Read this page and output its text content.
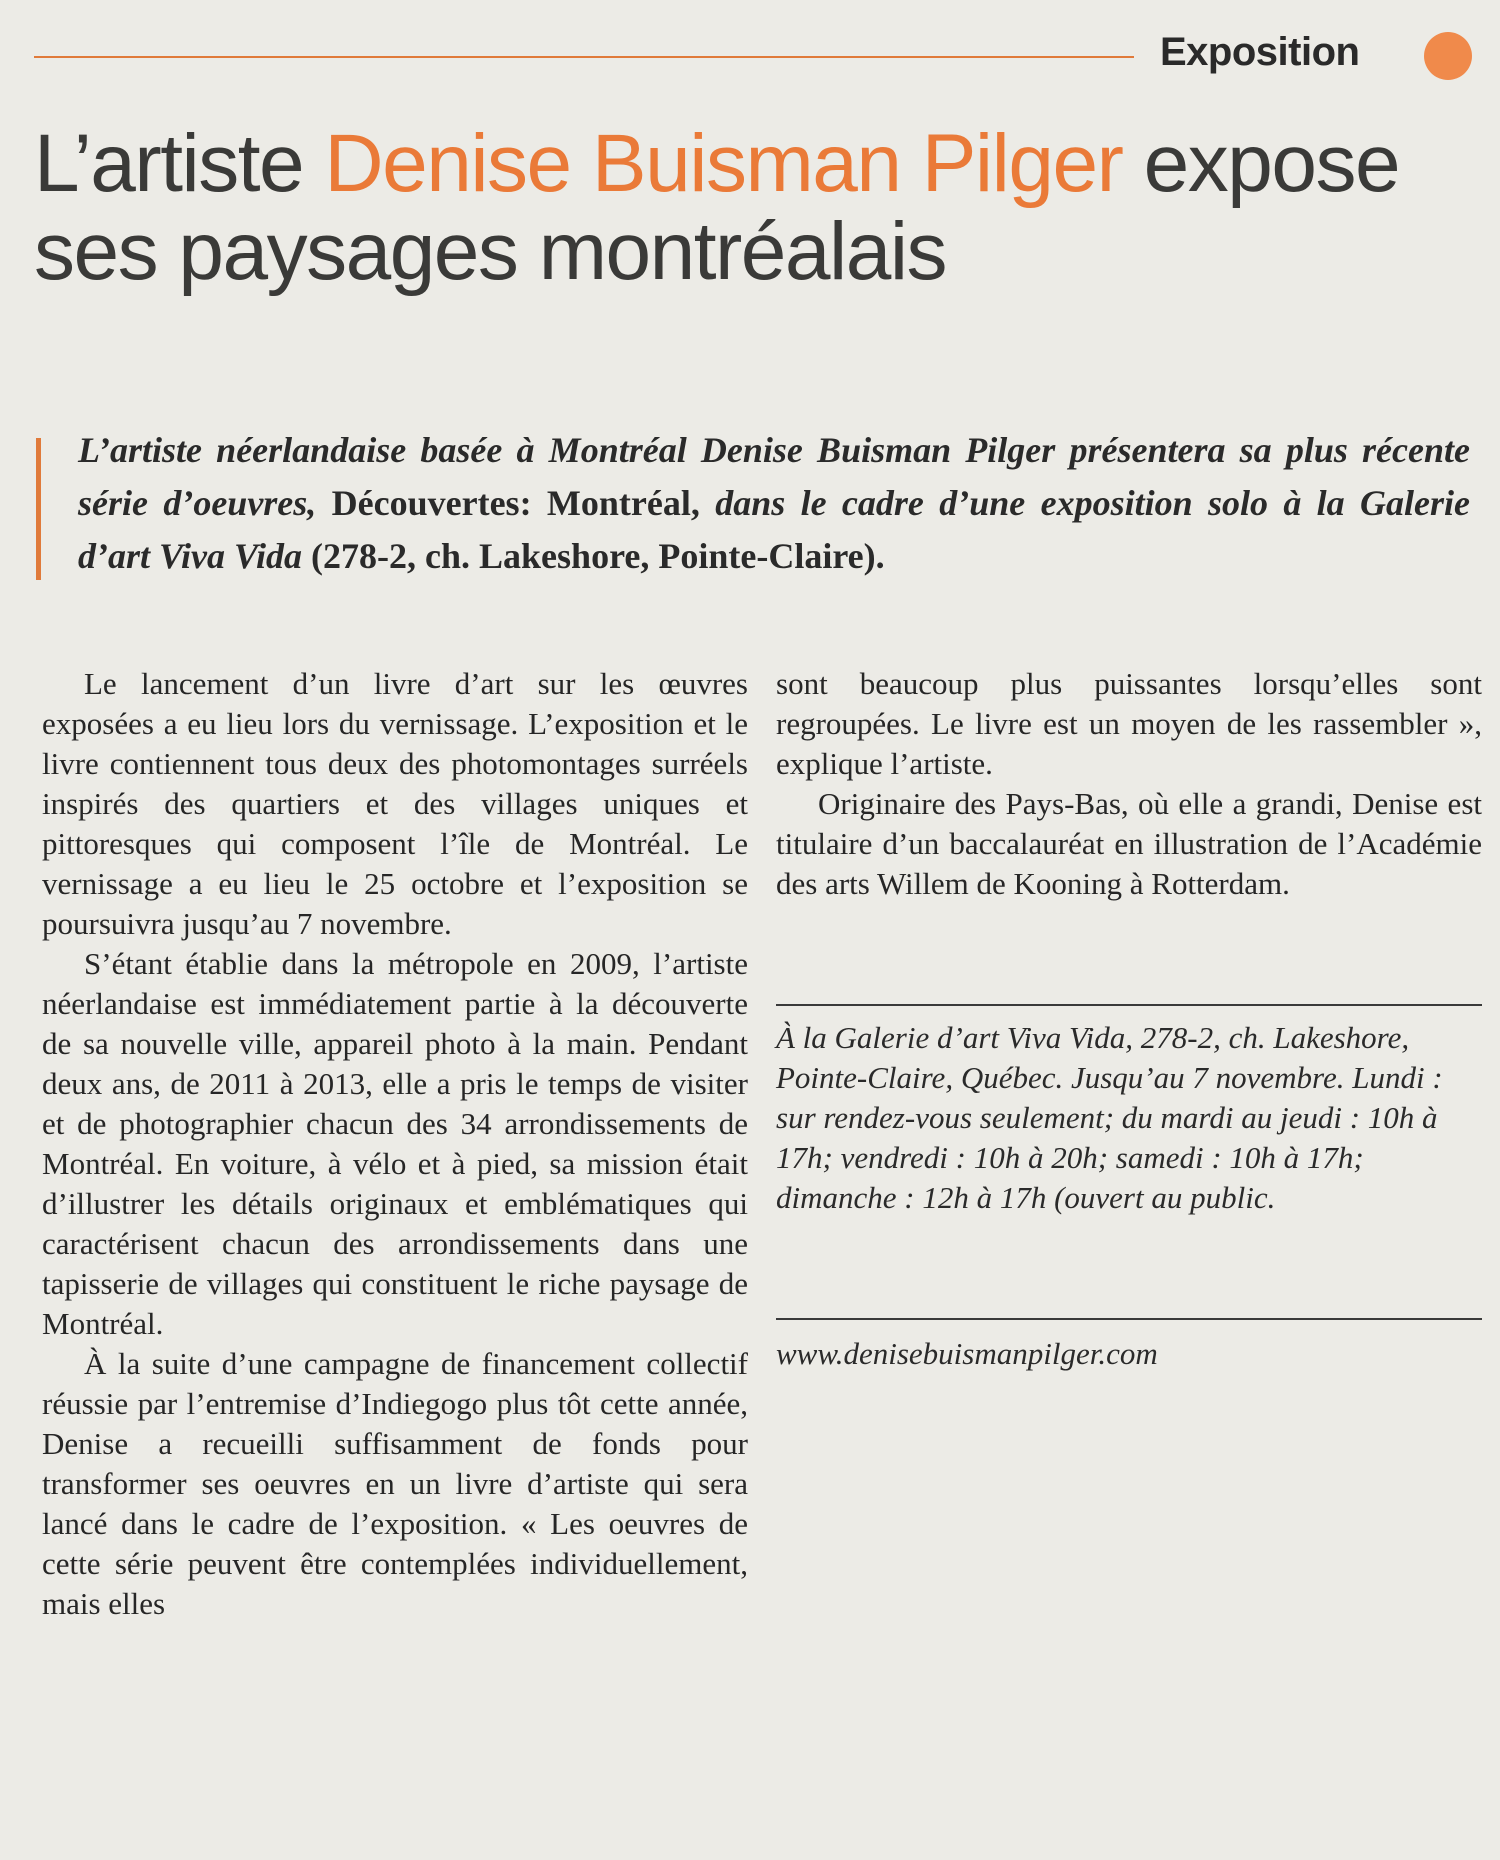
Exposition
L’artiste Denise Buisman Pilger expose ses paysages montréalais

L’artiste néerlandaise basée à Montréal Denise Buisman Pilger présentera sa plus récente série d’oeuvres, Découvertes: Montréal, dans le cadre d’une exposition solo à la Galerie d’art Viva Vida (278-2, ch. Lakeshore, Pointe-Claire).

Le lancement d’un livre d’art sur les œuvres exposées a eu lieu lors du vernissage. L’exposition et le livre contiennent tous deux des photomontages surréels inspirés des quartiers et des villages uniques et pittoresques qui composent l’île de Montréal. Le vernissage a eu lieu le 25 octobre et l’exposition se poursuivra jusqu’au 7 novembre.

S’étant établie dans la métropole en 2009, l’artiste néerlandaise est immédiatement partie à la découverte de sa nouvelle ville, appareil photo à la main. Pendant deux ans, de 2011 à 2013, elle a pris le temps de visiter et de photographier chacun des 34 arrondissements de Montréal. En voiture, à vélo et à pied, sa mission était d’illustrer les détails originaux et emblématiques qui caractérisent chacun des arrondissements dans une tapisserie de villages qui constituent le riche paysage de Montréal.

À la suite d’une campagne de financement collectif réussie par l’entremise d’Indiegogo plus tôt cette année, Denise a recueilli suffisamment de fonds pour transformer ses oeuvres en un livre d’artiste qui sera lancé dans le cadre de l’exposition. « Les oeuvres de cette série peuvent être contemplées individuellement, mais elles

sont beaucoup plus puissantes lorsqu’elles sont regroupées. Le livre est un moyen de les rassembler », explique l’artiste.

Originaire des Pays-Bas, où elle a grandi, Denise est titulaire d’un baccalauréat en illustration de l’Académie des arts Willem de Kooning à Rotterdam.

À la Galerie d’art Viva Vida, 278-2, ch. Lakeshore, Pointe-Claire, Québec. Jusqu’au 7 novembre. Lundi : sur rendez-vous seulement; du mardi au jeudi : 10h à 17h; vendredi : 10h à 20h; samedi : 10h à 17h; dimanche : 12h à 17h (ouvert au public.

www.denisebuismanpilger.com
